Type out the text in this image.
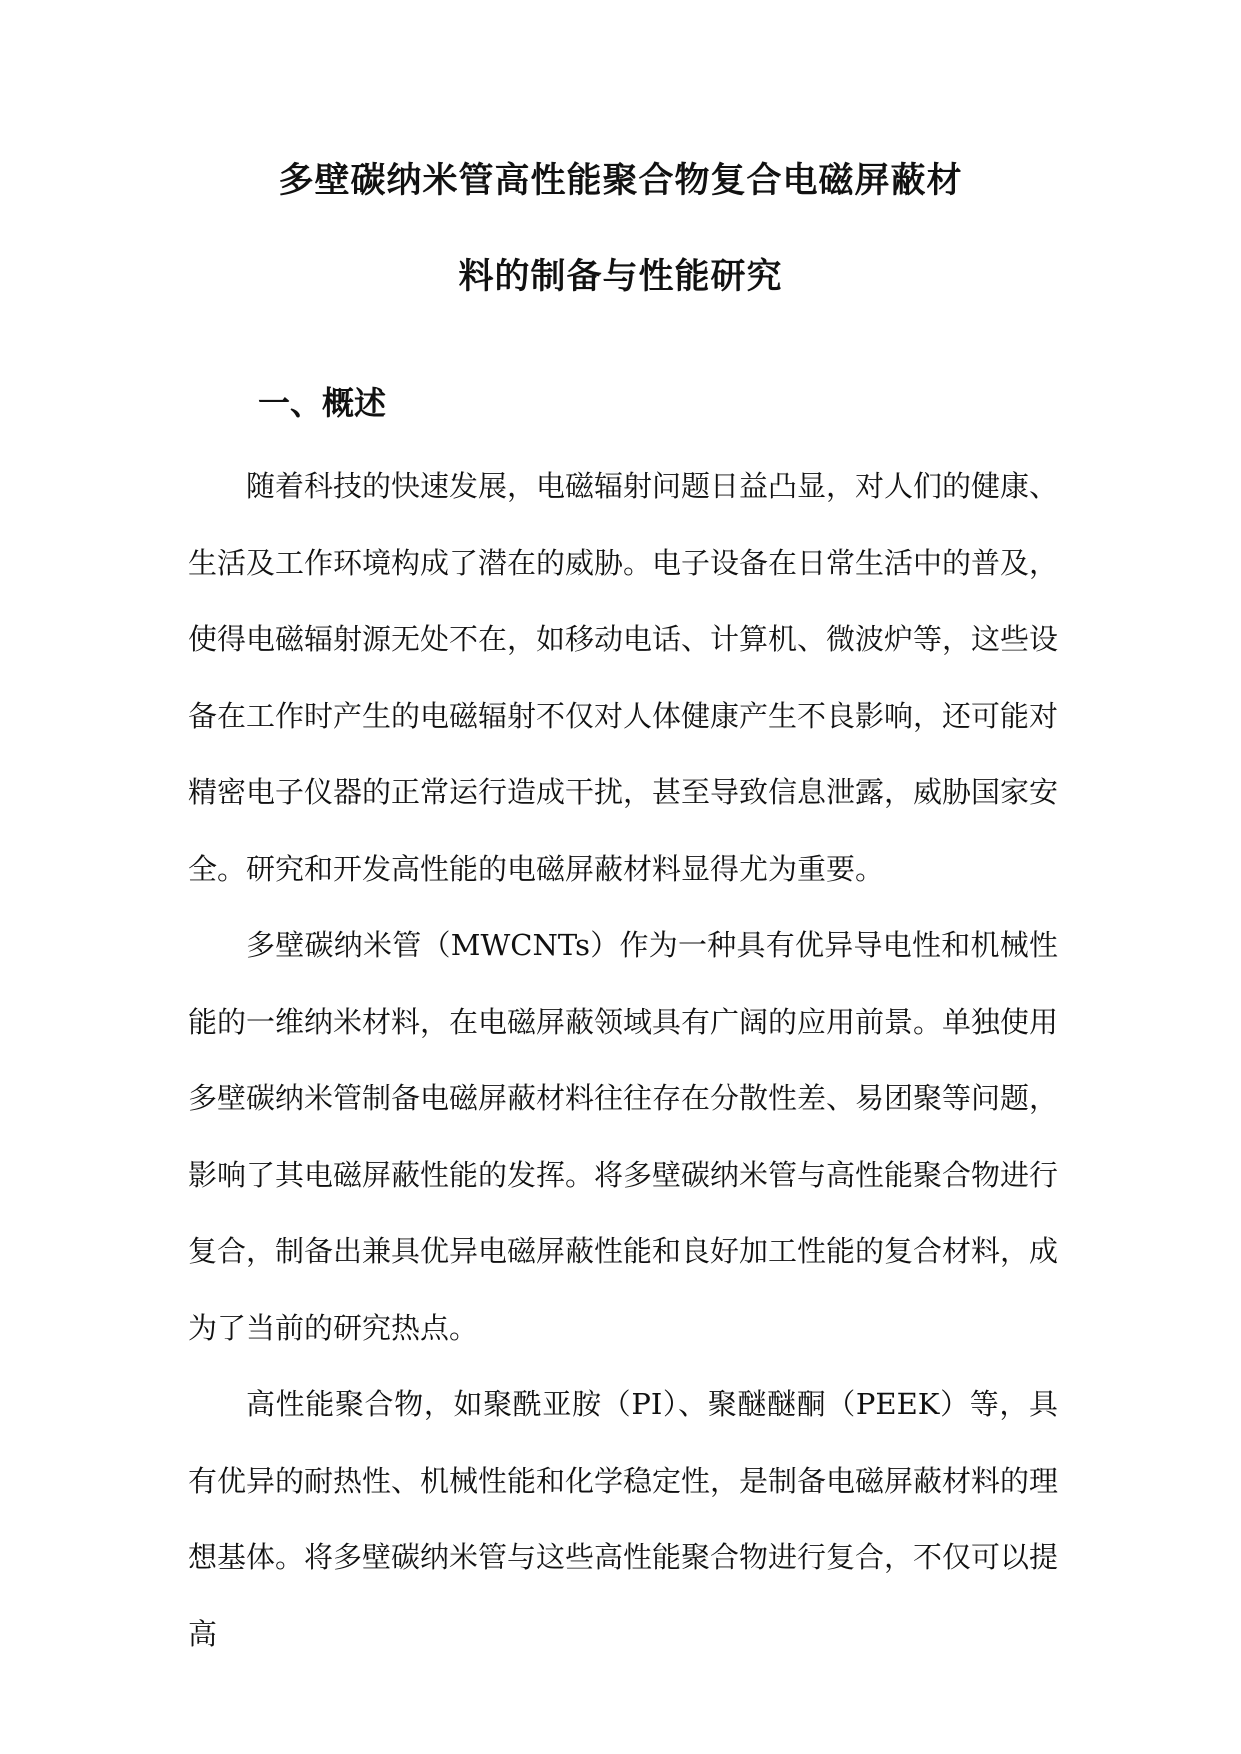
多壁碳纳米管高性能聚合物复合电磁屏蔽材
料的制备与性能研究
一、概述

随着科技的快速发展，电磁辐射问题日益凸显，对人们的健康、生活及工作环境构成了潜在的威胁。电子设备在日常生活中的普及，使得电磁辐射源无处不在，如移动电话、计算机、微波炉等，这些设备在工作时产生的电磁辐射不仅对人体健康产生不良影响，还可能对精密电子仪器的正常运行造成干扰，甚至导致信息泄露，威胁国家安全。研究和开发高性能的电磁屏蔽材料显得尤为重要。

多壁碳纳米管（MWCNTs）作为一种具有优异导电性和机械性能的一维纳米材料，在电磁屏蔽领域具有广阔的应用前景。单独使用多壁碳纳米管制备电磁屏蔽材料往往存在分散性差、易团聚等问题，影响了其电磁屏蔽性能的发挥。将多壁碳纳米管与高性能聚合物进行复合，制备出兼具优异电磁屏蔽性能和良好加工性能的复合材料，成为了当前的研究热点。

高性能聚合物，如聚酰亚胺（PI）、聚醚醚酮（PEEK）等，具有优异的耐热性、机械性能和化学稳定性，是制备电磁屏蔽材料的理想基体。将多壁碳纳米管与这些高性能聚合物进行复合，不仅可以提高
